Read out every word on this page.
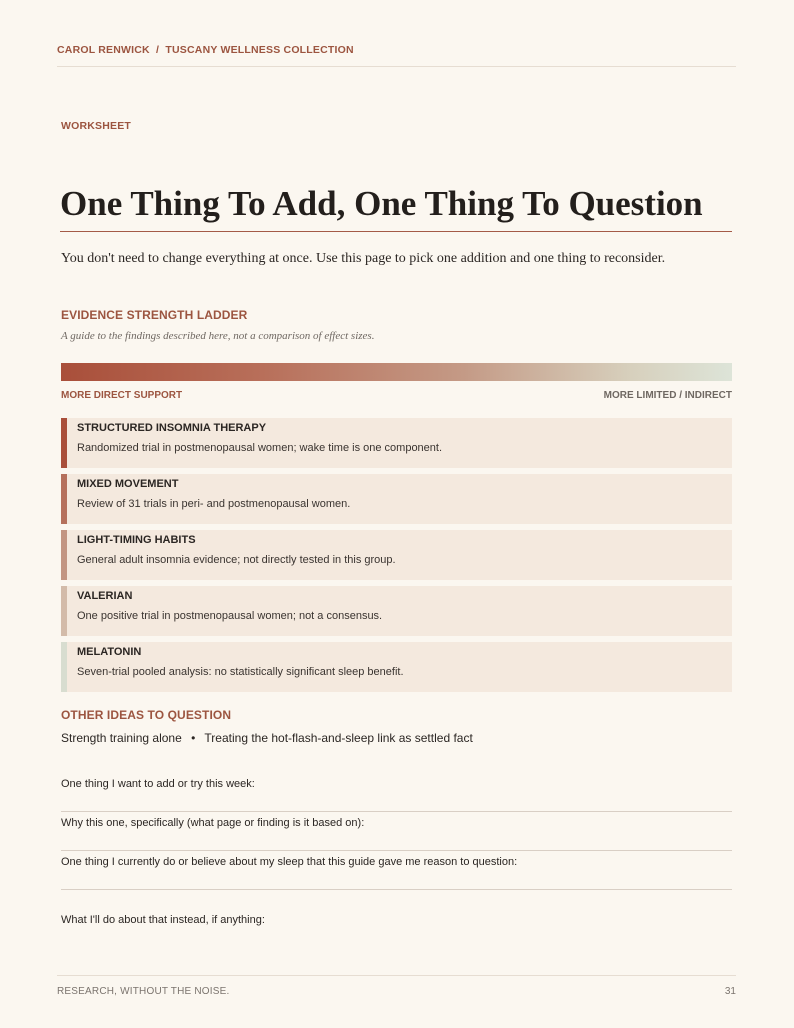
CAROL RENWICK  /  TUSCANY WELLNESS COLLECTION
WORKSHEET
One Thing To Add, One Thing To Question
You don't need to change everything at once. Use this page to pick one addition and one thing to reconsider.
EVIDENCE STRENGTH LADDER
A guide to the findings described here, not a comparison of effect sizes.
MORE DIRECT SUPPORT	MORE LIMITED / INDIRECT
STRUCTURED INSOMNIA THERAPY
Randomized trial in postmenopausal women; wake time is one component.
MIXED MOVEMENT
Review of 31 trials in peri- and postmenopausal women.
LIGHT-TIMING HABITS
General adult insomnia evidence; not directly tested in this group.
VALERIAN
One positive trial in postmenopausal women; not a consensus.
MELATONIN
Seven-trial pooled analysis: no statistically significant sleep benefit.
OTHER IDEAS TO QUESTION
Strength training alone • Treating the hot-flash-and-sleep link as settled fact
One thing I want to add or try this week:
Why this one, specifically (what page or finding is it based on):
One thing I currently do or believe about my sleep that this guide gave me reason to question:
What I'll do about that instead, if anything:
RESEARCH, WITHOUT THE NOISE.	31
